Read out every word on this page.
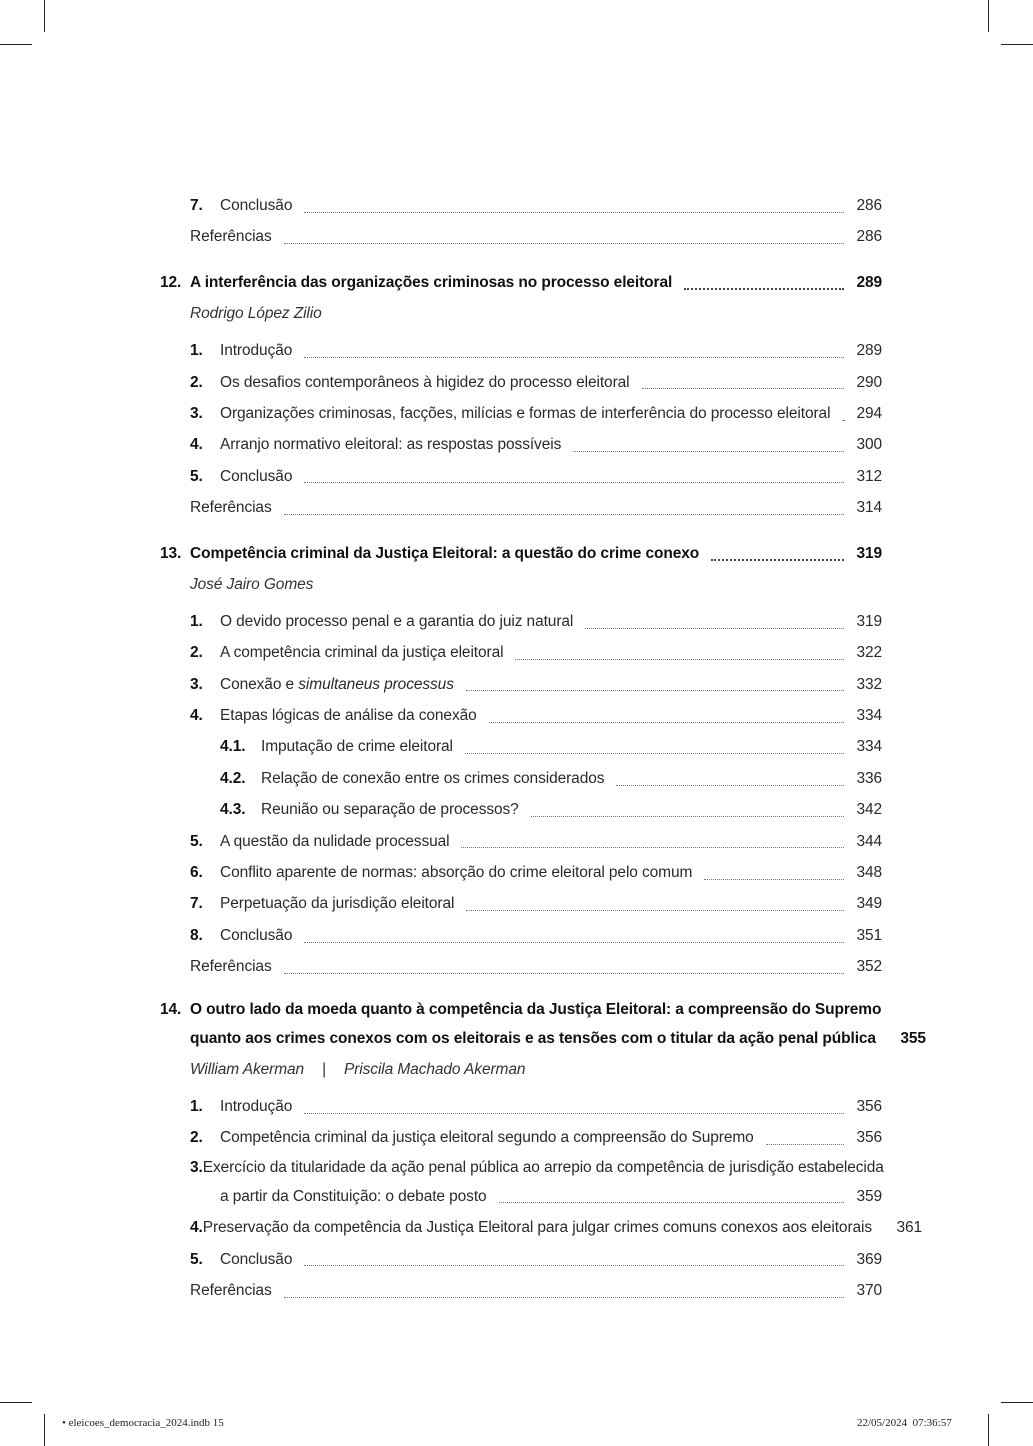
7.	Conclusão	286
Referências	286
12. A interferência das organizações criminosas no processo eleitoral	289
Rodrigo López Zilio
1.	Introdução	289
2.	Os desafios contemporâneos à higidez do processo eleitoral	290
3.	Organizações criminosas, facções, milícias e formas de interferência do processo eleitoral 294
4.	Arranjo normativo eleitoral: as respostas possíveis	300
5.	Conclusão	312
Referências	314
13. Competência criminal da Justiça Eleitoral: a questão do crime conexo	319
José Jairo Gomes
1.	O devido processo penal e a garantia do juiz natural	319
2.	A competência criminal da justiça eleitoral	322
3.	Conexão e simultaneus processus	332
4.	Etapas lógicas de análise da conexão	334
4.1.	Imputação de crime eleitoral	334
4.2.	Relação de conexão entre os crimes considerados	336
4.3.	Reunião ou separação de processos?	342
5.	A questão da nulidade processual	344
6.	Conflito aparente de normas: absorção do crime eleitoral pelo comum	348
7.	Perpetuação da jurisdição eleitoral	349
8.	Conclusão	351
Referências	352
14. O outro lado da moeda quanto à competência da Justiça Eleitoral: a compreensão do Supremo
quanto aos crimes conexos com os eleitorais e as tensões com o titular da ação penal pública 355
William Akerman | Priscila Machado Akerman
1.	Introdução	356
2.	Competência criminal da justiça eleitoral segundo a compreensão do Supremo	356
3. Exercício da titularidade da ação penal pública ao arrepio da competência de jurisdição estabelecida
a partir da Constituição: o debate posto	359
4. Preservação da competência da Justiça Eleitoral para julgar crimes comuns conexos aos eleitorais 361
5.	Conclusão	369
Referências	370
• eleicoes_democracia_2024.indb 15	22/05/2024 07:36:57
